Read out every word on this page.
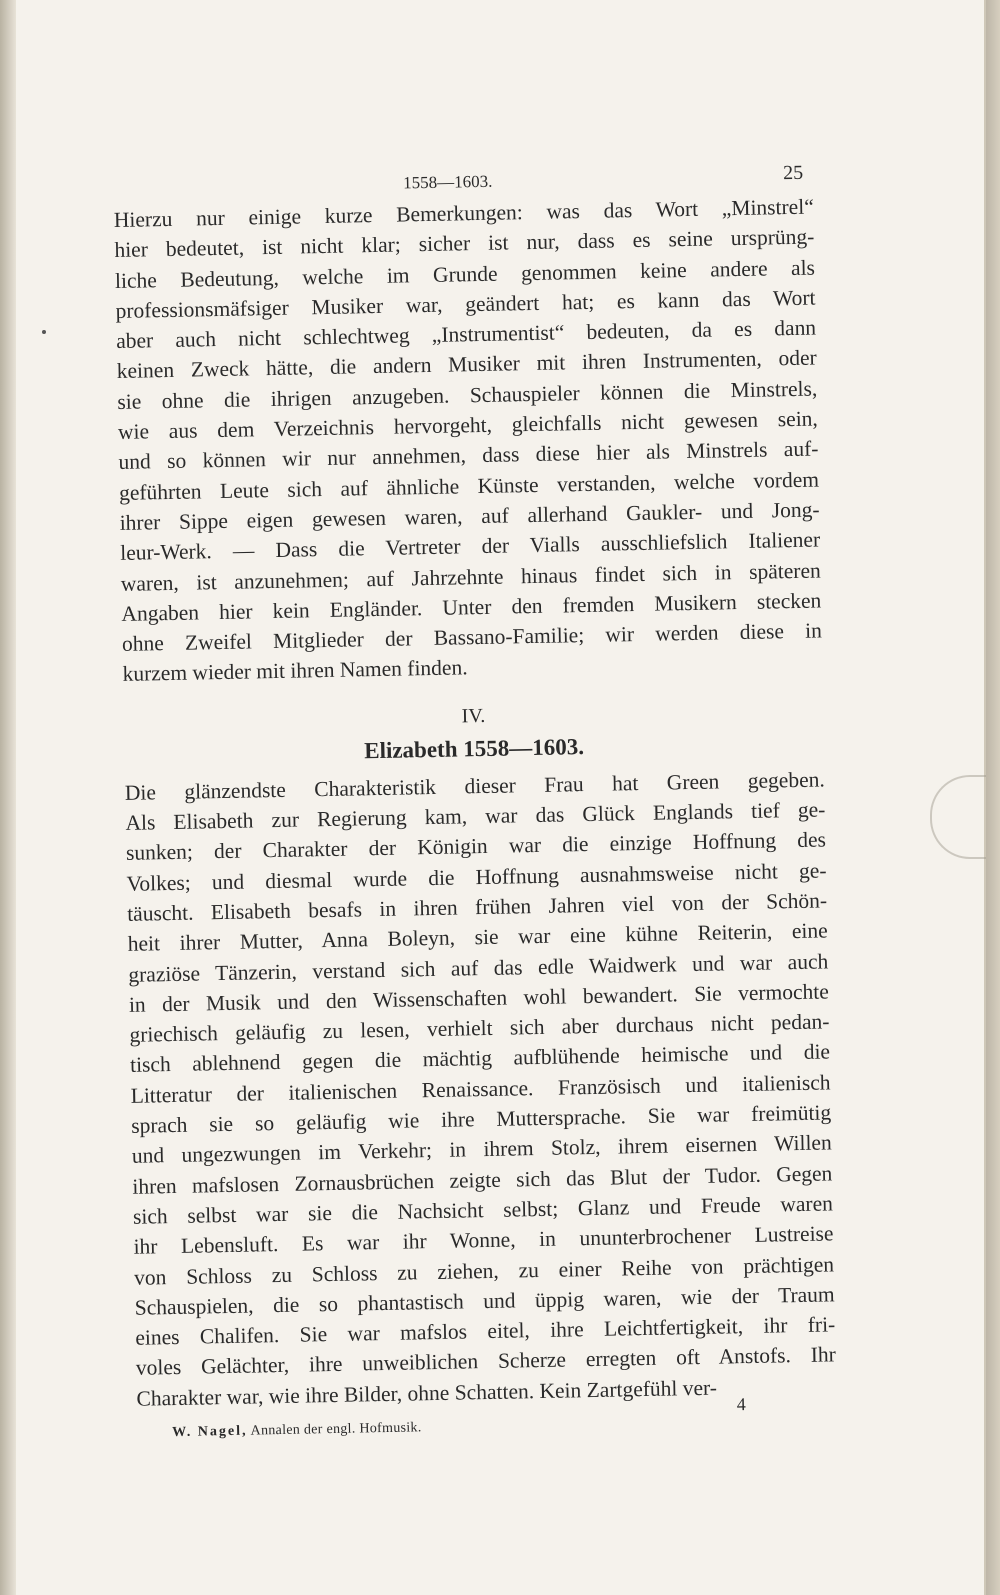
1558—1603.	25

Hierzu nur einige kurze Bemerkungen: was das Wort „Minstrel“
hier bedeutet, ist nicht klar; sicher ist nur, dass es seine ursprüng-
liche Bedeutung, welche im Grunde genommen keine andere als
professionsmäfsiger Musiker war, geändert hat; es kann das Wort
aber auch nicht schlechtweg „Instrumentist“ bedeuten, da es dann
keinen Zweck hätte, die andern Musiker mit ihren Instrumenten, oder
sie ohne die ihrigen anzugeben. Schauspieler können die Minstrels,
wie aus dem Verzeichnis hervorgeht, gleichfalls nicht gewesen sein,
und so können wir nur annehmen, dass diese hier als Minstrels auf-
geführten Leute sich auf ähnliche Künste verstanden, welche vordem
ihrer Sippe eigen gewesen waren, auf allerhand Gaukler- und Jong-
leur-Werk. — Dass die Vertreter der Vialls ausschliefslich Italiener
waren, ist anzunehmen; auf Jahrzehnte hinaus findet sich in späteren
Angaben hier kein Engländer. Unter den fremden Musikern stecken
ohne Zweifel Mitglieder der Bassano-Familie; wir werden diese in
kurzem wieder mit ihren Namen finden.

IV.
Elizabeth 1558—1603.

Die glänzendste Charakteristik dieser Frau hat Green gegeben.
Als Elisabeth zur Regierung kam, war das Glück Englands tief ge-
sunken; der Charakter der Königin war die einzige Hoffnung des
Volkes; und diesmal wurde die Hoffnung ausnahmsweise nicht ge-
täuscht. Elisabeth besafs in ihren frühen Jahren viel von der Schön-
heit ihrer Mutter, Anna Boleyn, sie war eine kühne Reiterin, eine
graziöse Tänzerin, verstand sich auf das edle Waidwerk und war auch
in der Musik und den Wissenschaften wohl bewandert. Sie vermochte
griechisch geläufig zu lesen, verhielt sich aber durchaus nicht pedan-
tisch ablehnend gegen die mächtig aufblühende heimische und die
Litteratur der italienischen Renaissance. Französisch und italienisch
sprach sie so geläufig wie ihre Muttersprache. Sie war freimütig
und ungezwungen im Verkehr; in ihrem Stolz, ihrem eisernen Willen
ihren mafslosen Zornausbrüchen zeigte sich das Blut der Tudor. Gegen
sich selbst war sie die Nachsicht selbst; Glanz und Freude waren
ihr Lebensluft. Es war ihr Wonne, in ununterbrochener Lustreise
von Schloss zu Schloss zu ziehen, zu einer Reihe von prächtigen
Schauspielen, die so phantastisch und üppig waren, wie der Traum
eines Chalifen. Sie war mafslos eitel, ihre Leichtfertigkeit, ihr fri-
voles Gelächter, ihre unweiblichen Scherze erregten oft Anstofs. Ihr
Charakter war, wie ihre Bilder, ohne Schatten. Kein Zartgefühl ver-

W. Nagel, Annalen der engl. Hofmusik.
4
